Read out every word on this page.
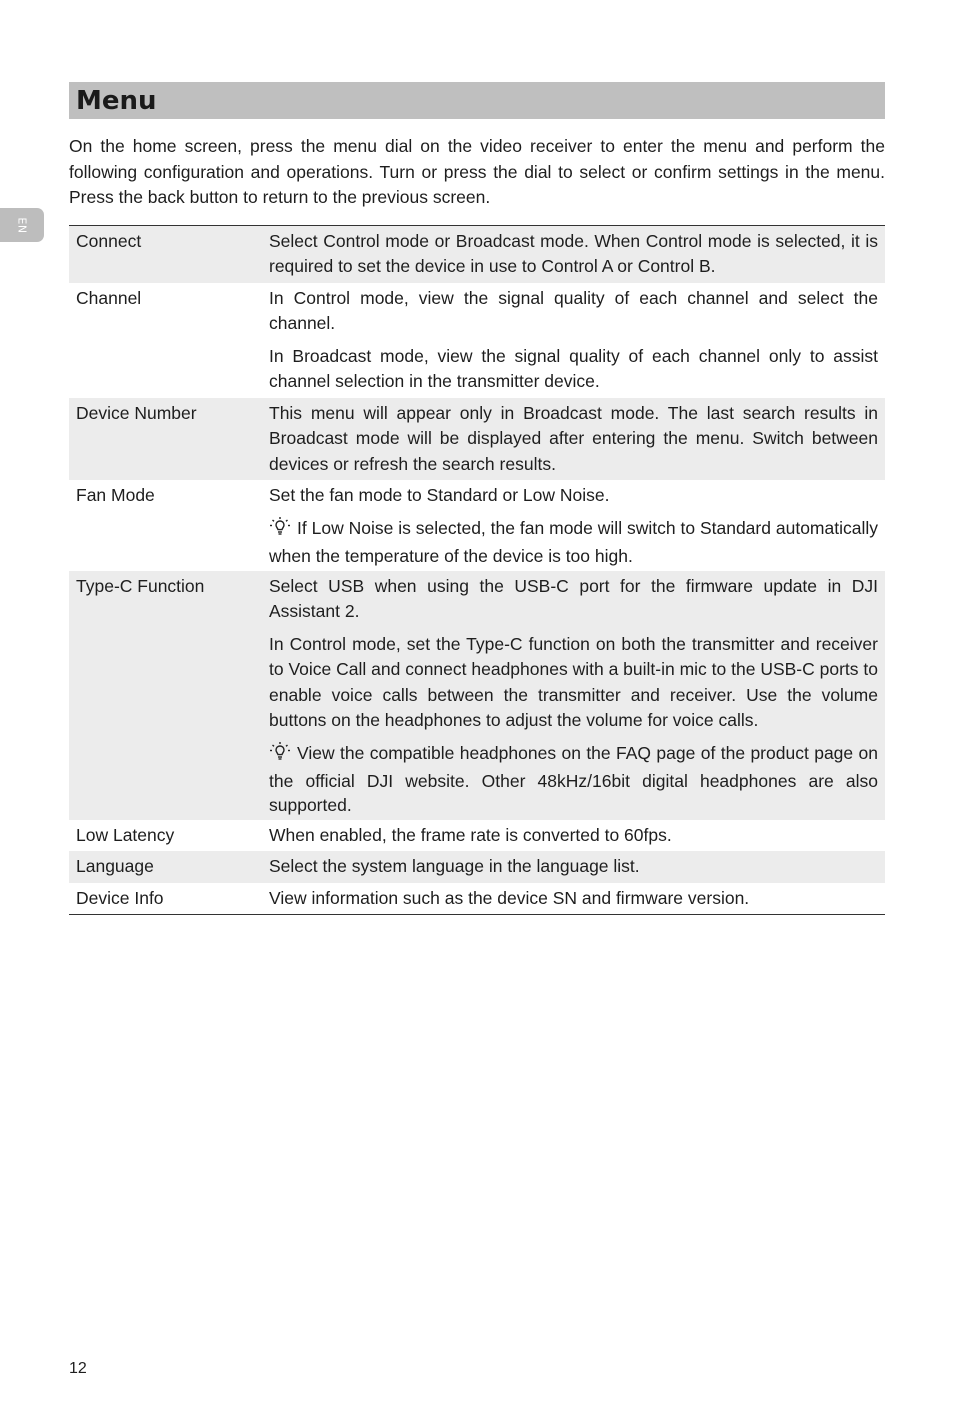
EN
Menu

On the home screen, press the menu dial on the video receiver to enter the menu and perform the following configuration and operations. Turn or press the dial to select or confirm settings in the menu. Press the back button to return to the previous screen.

Connect	Select Control mode or Broadcast mode. When Control mode is selected, it is required to set the device in use to Control A or Control B.

Channel	In Control mode, view the signal quality of each channel and select the channel.

In Broadcast mode, view the signal quality of each channel only to assist channel selection in the transmitter device.

Device Number	This menu will appear only in Broadcast mode. The last search results in Broadcast mode will be displayed after entering the menu. Switch between devices or refresh the search results.

Fan Mode	Set the fan mode to Standard or Low Noise.

If Low Noise is selected, the fan mode will switch to Standard automatically when the temperature of the device is too high.

Type-C Function	Select USB when using the USB-C port for the firmware update in DJI Assistant 2.

In Control mode, set the Type-C function on both the transmitter and receiver to Voice Call and connect headphones with a built-in mic to the USB-C ports to enable voice calls between the transmitter and receiver. Use the volume buttons on the headphones to adjust the volume for voice calls.

View the compatible headphones on the FAQ page of the product page on the official DJI website. Other 48kHz/16bit digital headphones are also supported.

Low Latency	When enabled, the frame rate is converted to 60fps.

Language	Select the system language in the language list.

Device Info	View information such as the device SN and firmware version.

12
